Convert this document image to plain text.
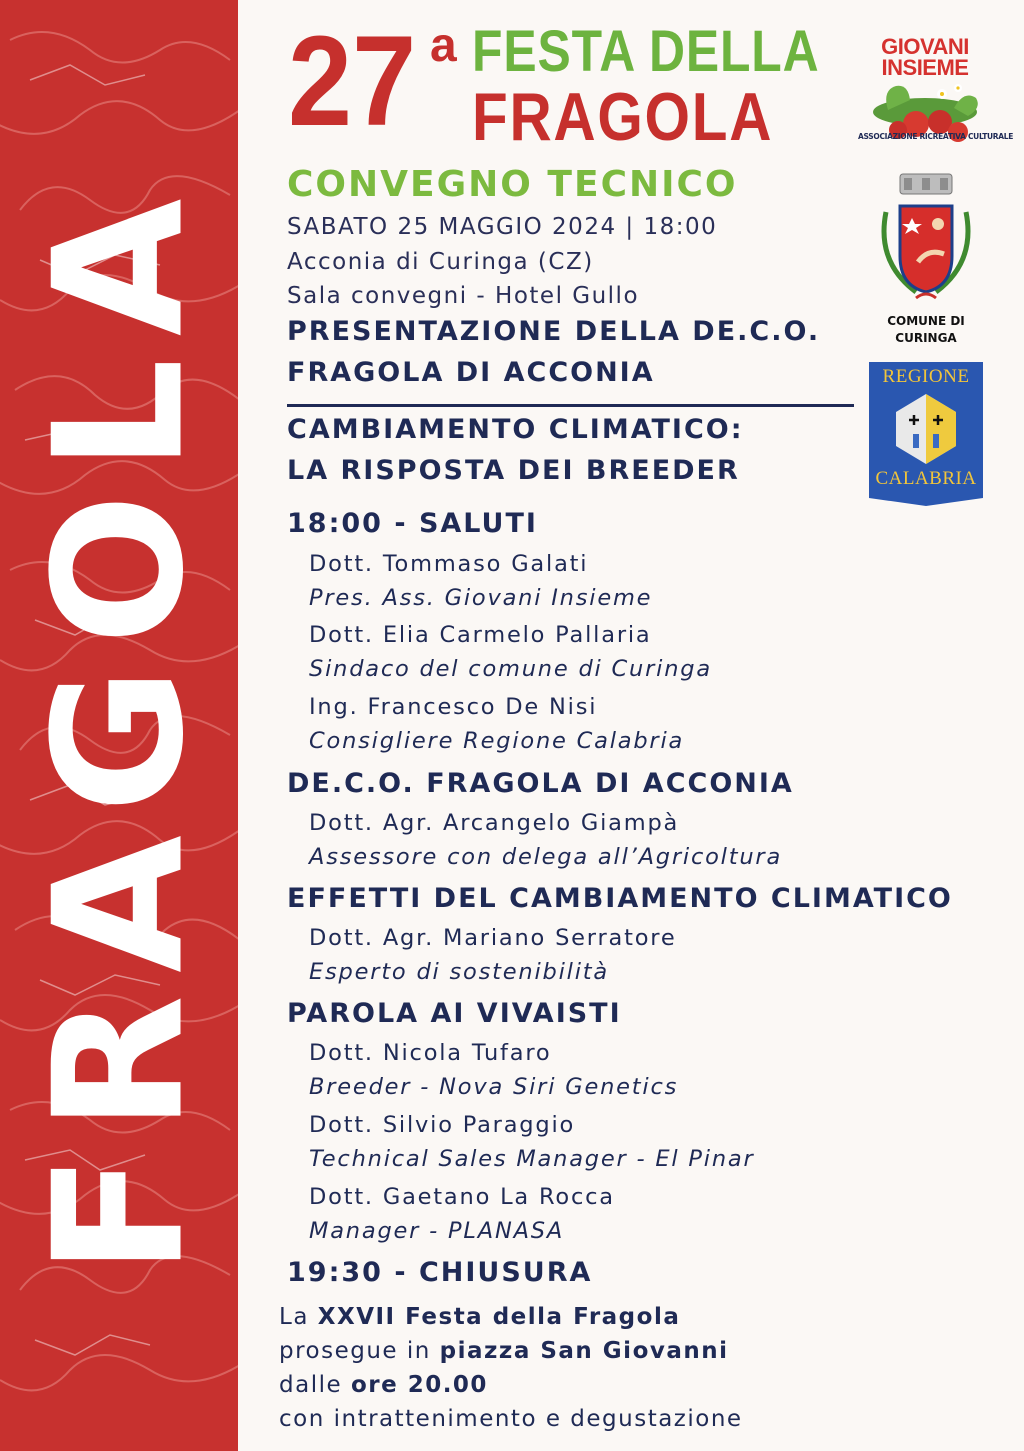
FRAGOLA
27 a FESTA DELLA
FRAGOLA
CONVEGNO TECNICO
SABATO 25 MAGGIO 2024 | 18:00
Acconia di Curinga (CZ)
Sala convegni - Hotel Gullo
PRESENTAZIONE DELLA DE.C.O.
FRAGOLA DI ACCONIA
CAMBIAMENTO CLIMATICO:
LA RISPOSTA DEI BREEDER
18:00 - SALUTI
Dott. Tommaso Galati
Pres. Ass. Giovani Insieme
Dott. Elia Carmelo Pallaria
Sindaco del comune di Curinga
Ing. Francesco De Nisi
Consigliere Regione Calabria
DE.C.O. FRAGOLA DI ACCONIA
Dott. Agr. Arcangelo Giampà
Assessore con delega all’Agricoltura
EFFETTI DEL CAMBIAMENTO CLIMATICO
Dott. Agr. Mariano Serratore
Esperto di sostenibilità
PAROLA AI VIVAISTI
Dott. Nicola Tufaro
Breeder - Nova Siri Genetics
Dott. Silvio Paraggio
Technical Sales Manager - El Pinar
Dott. Gaetano La Rocca
Manager - PLANASA
19:30 - CHIUSURA
La XXVII Festa della Fragola
prosegue in piazza San Giovanni
dalle ore 20.00
con intrattenimento e degustazione
GIOVANI
INSIEME
ASSOCIAZIONE RICREATIVA CULTURALE
COMUNE DI
CURINGA
REGIONE
CALABRIA
